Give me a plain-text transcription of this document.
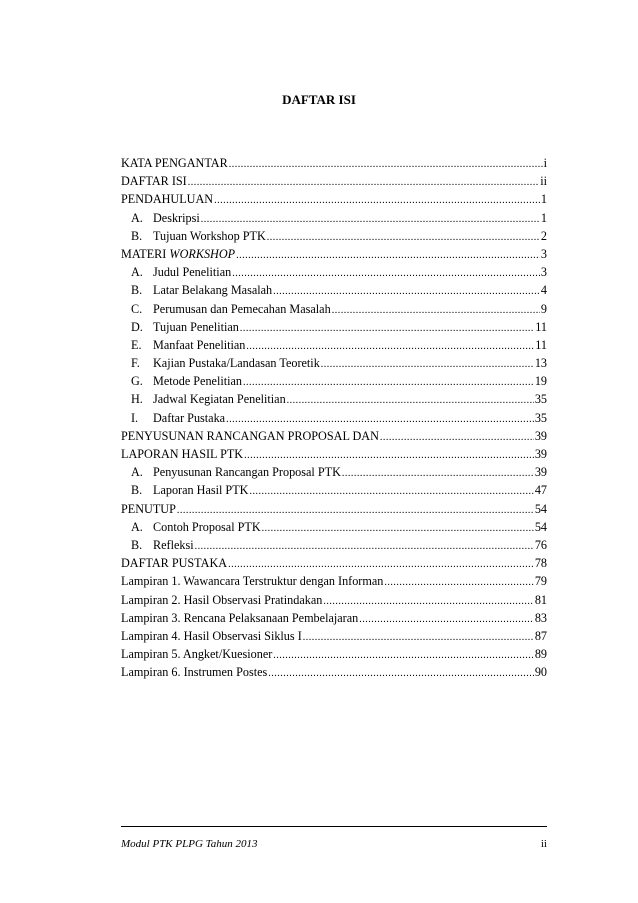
DAFTAR ISI
KATA PENGANTAR .....	i
DAFTAR ISI .....	ii
PENDAHULUAN .....	1
A. Deskripsi .....	1
B. Tujuan Workshop PTK .....	2
MATERI WORKSHOP .....	3
A. Judul Penelitian .....	3
B. Latar Belakang Masalah .....	4
C. Perumusan dan Pemecahan Masalah .....	9
D. Tujuan Penelitian .....	11
E. Manfaat Penelitian .....	11
F. Kajian Pustaka/Landasan Teoretik .....	13
G. Metode Penelitian .....	19
H. Jadwal Kegiatan Penelitian .....	35
I. Daftar Pustaka .....	35
PENYUSUNAN RANCANGAN PROPOSAL DAN .....	39
LAPORAN HASIL PTK .....	39
A. Penyusunan Rancangan Proposal PTK .....	39
B. Laporan Hasil PTK .....	47
PENUTUP .....	54
A. Contoh Proposal PTK .....	54
B. Refleksi .....	76
DAFTAR PUSTAKA .....	78
Lampiran 1. Wawancara Terstruktur dengan Informan .....	79
Lampiran 2. Hasil Observasi Pratindakan .....	81
Lampiran 3. Rencana Pelaksanaan Pembelajaran .....	83
Lampiran 4. Hasil Observasi Siklus I .....	87
Lampiran 5. Angket/Kuesioner .....	89
Lampiran 6. Instrumen Postes .....	90
Modul PTK PLPG Tahun 2013	ii
